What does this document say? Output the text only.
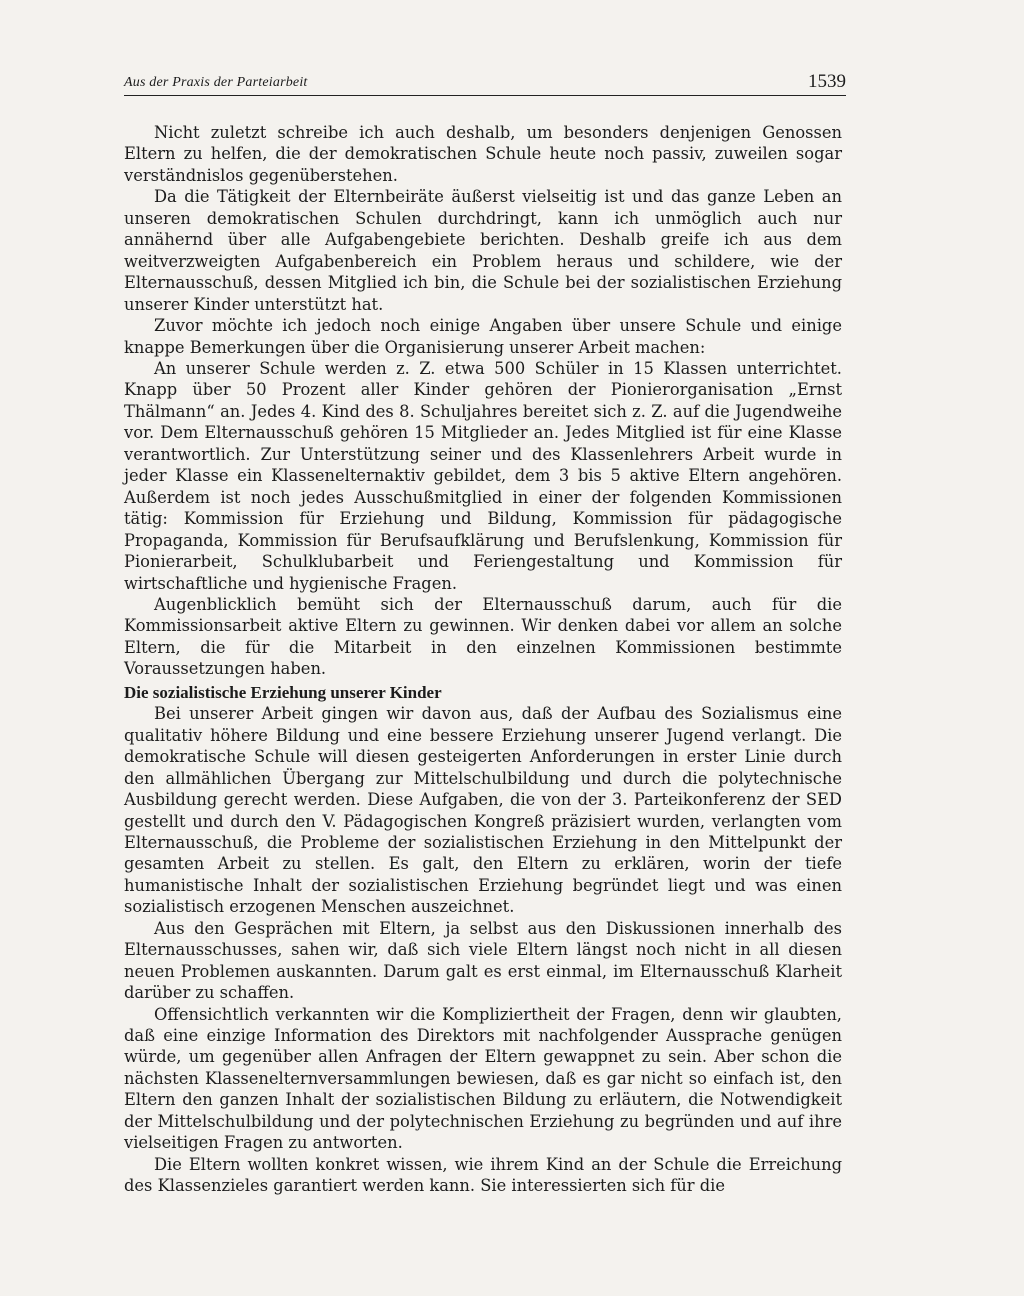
Aus der Praxis der Parteiarbeit	1539

Nicht zuletzt schreibe ich auch deshalb, um besonders denjenigen Genossen Eltern zu helfen, die der demokratischen Schule heute noch passiv, zuweilen sogar verständnislos gegenüberstehen.

Da die Tätigkeit der Elternbeiräte äußerst vielseitig ist und das ganze Leben an unseren demokratischen Schulen durchdringt, kann ich unmöglich auch nur annähernd über alle Aufgabengebiete berichten. Deshalb greife ich aus dem weitverzweigten Aufgabenbereich ein Problem heraus und schildere, wie der Elternausschuß, dessen Mitglied ich bin, die Schule bei der sozialistischen Erziehung unserer Kinder unterstützt hat.

Zuvor möchte ich jedoch noch einige Angaben über unsere Schule und einige knappe Bemerkungen über die Organisierung unserer Arbeit machen:

An unserer Schule werden z. Z. etwa 500 Schüler in 15 Klassen unterrichtet. Knapp über 50 Prozent aller Kinder gehören der Pionierorganisation „Ernst Thälmann“ an. Jedes 4. Kind des 8. Schuljahres bereitet sich z. Z. auf die Jugendweihe vor. Dem Elternausschuß gehören 15 Mitglieder an. Jedes Mitglied ist für eine Klasse verantwortlich. Zur Unterstützung seiner und des Klassenlehrers Arbeit wurde in jeder Klasse ein Klassenelternaktiv gebildet, dem 3 bis 5 aktive Eltern angehören. Außerdem ist noch jedes Ausschußmitglied in einer der folgenden Kommissionen tätig: Kommission für Erziehung und Bildung, Kommission für pädagogische Propaganda, Kommission für Berufsaufklärung und Berufslenkung, Kommission für Pionierarbeit, Schulklubarbeit und Feriengestaltung und Kommission für wirtschaftliche und hygienische Fragen.

Augenblicklich bemüht sich der Elternausschuß darum, auch für die Kommissionsarbeit aktive Eltern zu gewinnen. Wir denken dabei vor allem an solche Eltern, die für die Mitarbeit in den einzelnen Kommissionen bestimmte Voraussetzungen haben.

Die sozialistische Erziehung unserer Kinder

Bei unserer Arbeit gingen wir davon aus, daß der Aufbau des Sozialismus eine qualitativ höhere Bildung und eine bessere Erziehung unserer Jugend verlangt. Die demokratische Schule will diesen gesteigerten Anforderungen in erster Linie durch den allmählichen Übergang zur Mittelschulbildung und durch die polytechnische Ausbildung gerecht werden. Diese Aufgaben, die von der 3. Parteikonferenz der SED gestellt und durch den V. Pädagogischen Kongreß präzisiert wurden, verlangten vom Elternausschuß, die Probleme der sozialistischen Erziehung in den Mittelpunkt der gesamten Arbeit zu stellen. Es galt, den Eltern zu erklären, worin der tiefe humanistische Inhalt der sozialistischen Erziehung begründet liegt und was einen sozialistisch erzogenen Menschen auszeichnet.

Aus den Gesprächen mit Eltern, ja selbst aus den Diskussionen innerhalb des Elternausschusses, sahen wir, daß sich viele Eltern längst noch nicht in all diesen neuen Problemen auskannten. Darum galt es erst einmal, im Elternausschuß Klarheit darüber zu schaffen.

Offensichtlich verkannten wir die Kompliziertheit der Fragen, denn wir glaubten, daß eine einzige Information des Direktors mit nachfolgender Aussprache genügen würde, um gegenüber allen Anfragen der Eltern gewappnet zu sein. Aber schon die nächsten Klassenelternversammlungen bewiesen, daß es gar nicht so einfach ist, den Eltern den ganzen Inhalt der sozialistischen Bildung zu erläutern, die Notwendigkeit der Mittelschulbildung und der polytechnischen Erziehung zu begründen und auf ihre vielseitigen Fragen zu antworten.

Die Eltern wollten konkret wissen, wie ihrem Kind an der Schule die Erreichung des Klassenzieles garantiert werden kann. Sie interessierten sich für die
